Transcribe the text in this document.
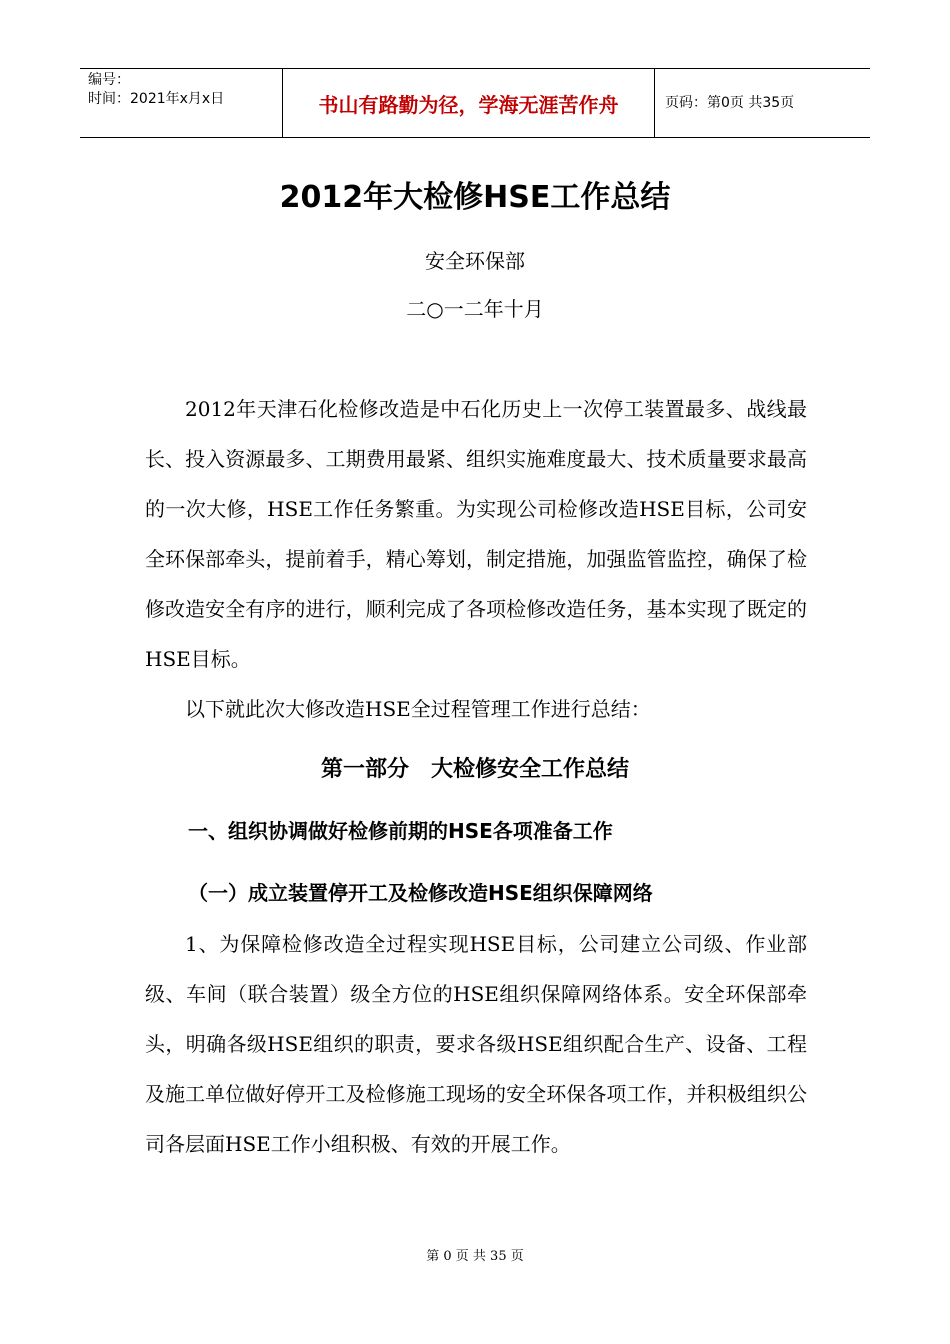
编号：
时间：2021年x月x日	书山有路勤为径，学海无涯苦作舟	页码：第0页 共35页
2012年大检修HSE工作总结
安全环保部
二○一二年十月
2012年天津石化检修改造是中石化历史上一次停工装置最多、战线最长、投入资源最多、工期费用最紧、组织实施难度最大、技术质量要求最高的一次大修，HSE工作任务繁重。为实现公司检修改造HSE目标，公司安全环保部牵头，提前着手，精心筹划，制定措施，加强监管监控，确保了检修改造安全有序的进行，顺利完成了各项检修改造任务，基本实现了既定的HSE目标。
以下就此次大修改造HSE全过程管理工作进行总结：
第一部分　大检修安全工作总结
一、组织协调做好检修前期的HSE各项准备工作
（一）成立装置停开工及检修改造HSE组织保障网络
1、为保障检修改造全过程实现HSE目标，公司建立公司级、作业部级、车间（联合装置）级全方位的HSE组织保障网络体系。安全环保部牵头，明确各级HSE组织的职责，要求各级HSE组织配合生产、设备、工程及施工单位做好停开工及检修施工现场的安全环保各项工作，并积极组织公司各层面HSE工作小组积极、有效的开展工作。
第 0 页 共 35 页
